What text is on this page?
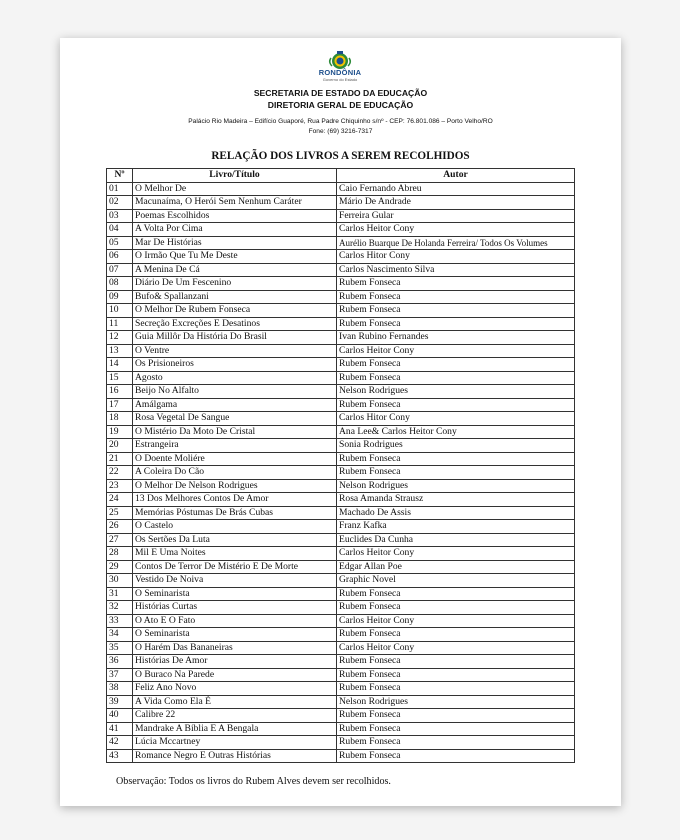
RONDÔNIA
Governo do Estado
SECRETARIA DE ESTADO DA EDUCAÇÃO
DIRETORIA GERAL DE EDUCAÇÃO
Palácio Rio Madeira – Edifício Guaporé, Rua Padre Chiquinho s/nº - CEP: 76.801.086 – Porto Velho/RO
Fone: (69) 3216-7317
RELAÇÃO DOS LIVROS A SEREM RECOLHIDOS
Nº	Livro/Título	Autor
01	O Melhor De	Caio Fernando Abreu
02	Macunaíma, O Herói Sem Nenhum Caráter	Mário De Andrade
03	Poemas Escolhidos	Ferreira Gular
04	A Volta Por Cima	Carlos Heitor Cony
05	Mar De Histórias	Aurélio Buarque De Holanda Ferreira/ Todos Os Volumes
06	O Irmão Que Tu Me Deste	Carlos Hitor Cony
07	A Menina De Cá	Carlos Nascimento Silva
08	Diário De Um Fescenino	Rubem Fonseca
09	Bufo& Spallanzani	Rubem Fonseca
10	O Melhor De Rubem Fonseca	Rubem Fonseca
11	Secreção Excreções E Desatinos	Rubem Fonseca
12	Guia Millôr Da História Do Brasil	Ivan Rubino Fernandes
13	O Ventre	Carlos Heitor Cony
14	Os Prisioneiros	Rubem Fonseca
15	Agosto	Rubem Fonseca
16	Beijo No Alfalto	Nelson Rodrigues
17	Amálgama	Rubem Fonseca
18	Rosa Vegetal De Sangue	Carlos Hitor Cony
19	O Mistério Da Moto De Cristal	Ana Lee& Carlos Heitor Cony
20	Estrangeira	Sonia Rodrigues
21	O Doente Moliére	Rubem Fonseca
22	A Coleira Do Cão	Rubem Fonseca
23	O Melhor De Nelson Rodrigues	Nelson Rodrigues
24	13 Dos Melhores Contos De Amor	Rosa Amanda Strausz
25	Memórias Póstumas De Brás Cubas	Machado De Assis
26	O Castelo	Franz Kafka
27	Os Sertões Da Luta	Euclides Da Cunha
28	Mil E Uma Noites	Carlos Heitor Cony
29	Contos De Terror De Mistério E De Morte	Edgar Allan Poe
30	Vestido De Noiva	Graphic Novel
31	O Seminarista	Rubem Fonseca
32	Histórias Curtas	Rubem Fonseca
33	O Ato E O Fato	Carlos Heitor Cony
34	O Seminarista	Rubem Fonseca
35	O Harém Das Bananeiras	Carlos Heitor Cony
36	Histórias De Amor	Rubem Fonseca
37	O Buraco Na Parede	Rubem Fonseca
38	Feliz Ano Novo	Rubem Fonseca
39	A Vida Como Ela É	Nelson Rodrigues
40	Calibre 22	Rubem Fonseca
41	Mandrake A Bíblia E A Bengala	Rubem Fonseca
42	Lúcia Mccartney	Rubem Fonseca
43	Romance Negro E Outras Histórias	Rubem Fonseca
Observação: Todos os livros do Rubem Alves devem ser recolhidos.
